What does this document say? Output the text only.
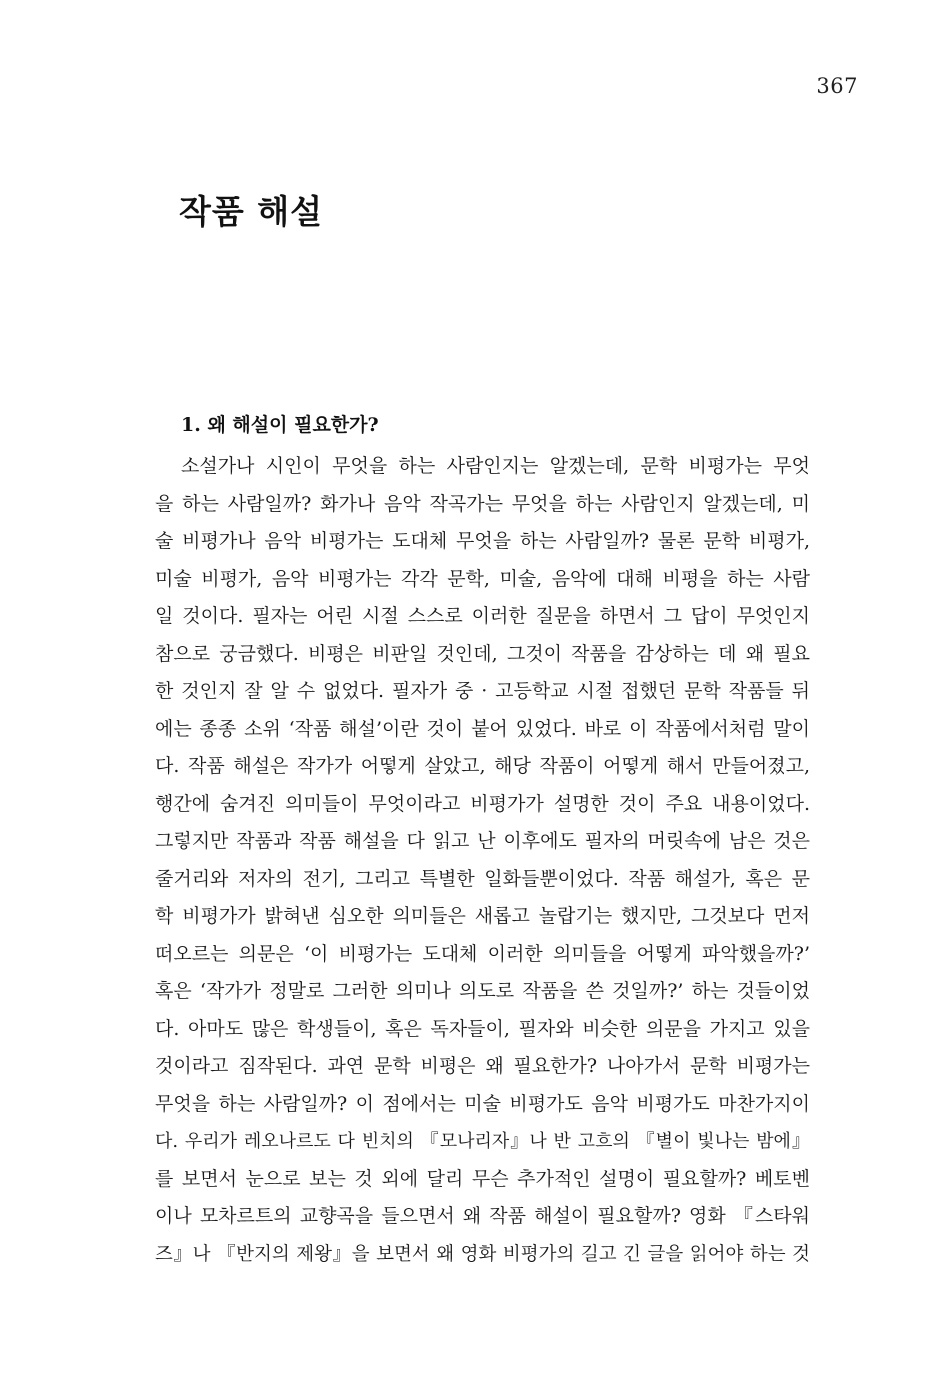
367
작품 해설
1. 왜 해설이 필요한가?
소설가나 시인이 무엇을 하는 사람인지는 알겠는데, 문학 비평가는 무엇
을 하는 사람일까? 화가나 음악 작곡가는 무엇을 하는 사람인지 알겠는데, 미
술 비평가나 음악 비평가는 도대체 무엇을 하는 사람일까? 물론 문학 비평가,
미술 비평가, 음악 비평가는 각각 문학, 미술, 음악에 대해 비평을 하는 사람
일 것이다. 필자는 어린 시절 스스로 이러한 질문을 하면서 그 답이 무엇인지
참으로 궁금했다. 비평은 비판일 것인데, 그것이 작품을 감상하는 데 왜 필요
한 것인지 잘 알 수 없었다. 필자가 중 · 고등학교 시절 접했던 문학 작품들 뒤
에는 종종 소위 ‘작품 해설’이란 것이 붙어 있었다. 바로 이 작품에서처럼 말이
다. 작품 해설은 작가가 어떻게 살았고, 해당 작품이 어떻게 해서 만들어졌고,
행간에 숨겨진 의미들이 무엇이라고 비평가가 설명한 것이 주요 내용이었다.
그렇지만 작품과 작품 해설을 다 읽고 난 이후에도 필자의 머릿속에 남은 것은
줄거리와 저자의 전기, 그리고 특별한 일화들뿐이었다. 작품 해설가, 혹은 문
학 비평가가 밝혀낸 심오한 의미들은 새롭고 놀랍기는 했지만, 그것보다 먼저
떠오르는 의문은 ‘이 비평가는 도대체 이러한 의미들을 어떻게 파악했을까?’
혹은 ‘작가가 정말로 그러한 의미나 의도로 작품을 쓴 것일까?’ 하는 것들이었
다. 아마도 많은 학생들이, 혹은 독자들이, 필자와 비슷한 의문을 가지고 있을
것이라고 짐작된다. 과연 문학 비평은 왜 필요한가? 나아가서 문학 비평가는
무엇을 하는 사람일까? 이 점에서는 미술 비평가도 음악 비평가도 마찬가지이
다. 우리가 레오나르도 다 빈치의 『모나리자』나 반 고흐의 『별이 빛나는 밤에』
를 보면서 눈으로 보는 것 외에 달리 무슨 추가적인 설명이 필요할까? 베토벤
이나 모차르트의 교향곡을 들으면서 왜 작품 해설이 필요할까? 영화 『스타워
즈』나 『반지의 제왕』을 보면서 왜 영화 비평가의 길고 긴 글을 읽어야 하는 것
